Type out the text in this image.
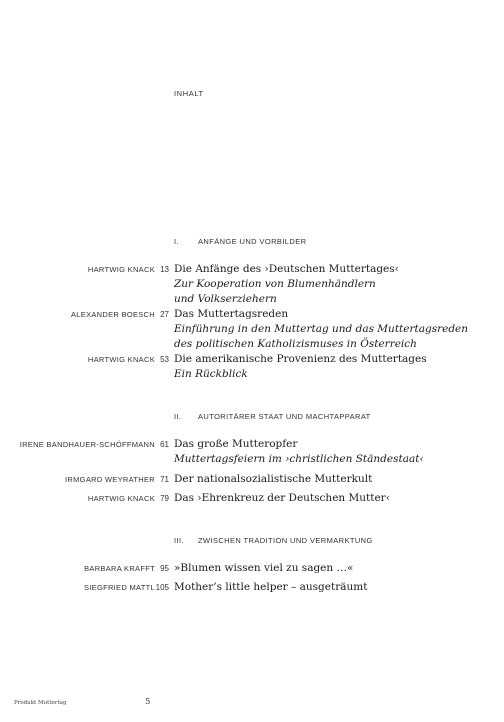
INHALT
I.	ANFÄNGE UND VORBILDER
HARTWIG KNACK 13 Die Anfänge des ›Deutschen Muttertages‹
Zur Kooperation von Blumenhändlern
und Volkserziehern
ALEXANDER BOESCH 27 Das Muttertagsreden
Einführung in den Muttertag und das Muttertagsreden
des politischen Katholizismuses in Österreich
HARTWIG KNACK 53 Die amerikanische Provenienz des Muttertages
Ein Rückblick
II. AUTORITÄRER STAAT UND MACHTAPPARAT
IRENE BANDHAUER-SCHÖFFMANN 61 Das große Mutteropfer
Muttertagsfeiern im ›christlichen Ständestaat‹
IRMGARD WEYRATHER 71 Der nationalsozialistische Mutterkult
HARTWIG KNACK 79 Das ›Ehrenkreuz der Deutschen Mutter‹
III. ZWISCHEN TRADITION UND VERMARKTUNG
BARBARA KRAFFT 95 »Blumen wissen viel zu sagen …«
SIEGFRIED MATTL 105 Mother’s little helper – ausgeträumt
Produkt Muttertag	5
